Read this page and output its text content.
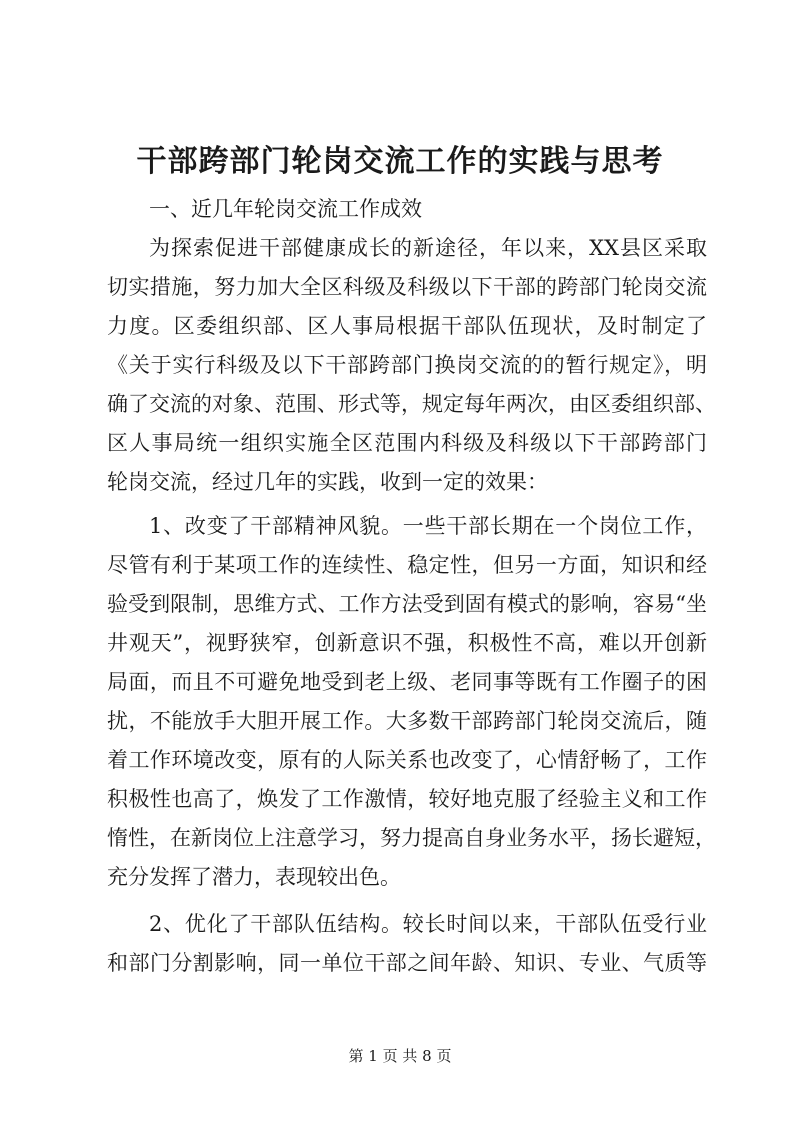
干部跨部门轮岗交流工作的实践与思考

一、近几年轮岗交流工作成效

为探索促进干部健康成长的新途径，年以来，XX县区采取

切实措施，努力加大全区科级及科级以下干部的跨部门轮岗交流

力度。区委组织部、区人事局根据干部队伍现状，及时制定了

《关于实行科级及以下干部跨部门换岗交流的的暂行规定》，明

确了交流的对象、范围、形式等，规定每年两次，由区委组织部、

区人事局统一组织实施全区范围内科级及科级以下干部跨部门

轮岗交流，经过几年的实践，收到一定的效果：

1、改变了干部精神风貌。一些干部长期在一个岗位工作，

尽管有利于某项工作的连续性、稳定性，但另一方面，知识和经

验受到限制，思维方式、工作方法受到固有模式的影响，容易“坐

井观天”，视野狭窄，创新意识不强，积极性不高，难以开创新

局面，而且不可避免地受到老上级、老同事等既有工作圈子的困

扰，不能放手大胆开展工作。大多数干部跨部门轮岗交流后，随

着工作环境改变，原有的人际关系也改变了，心情舒畅了，工作

积极性也高了，焕发了工作激情，较好地克服了经验主义和工作

惰性，在新岗位上注意学习，努力提高自身业务水平，扬长避短，

充分发挥了潜力，表现较出色。

2、优化了干部队伍结构。较长时间以来，干部队伍受行业

和部门分割影响，同一单位干部之间年龄、知识、专业、气质等

第 1 页 共 8 页
